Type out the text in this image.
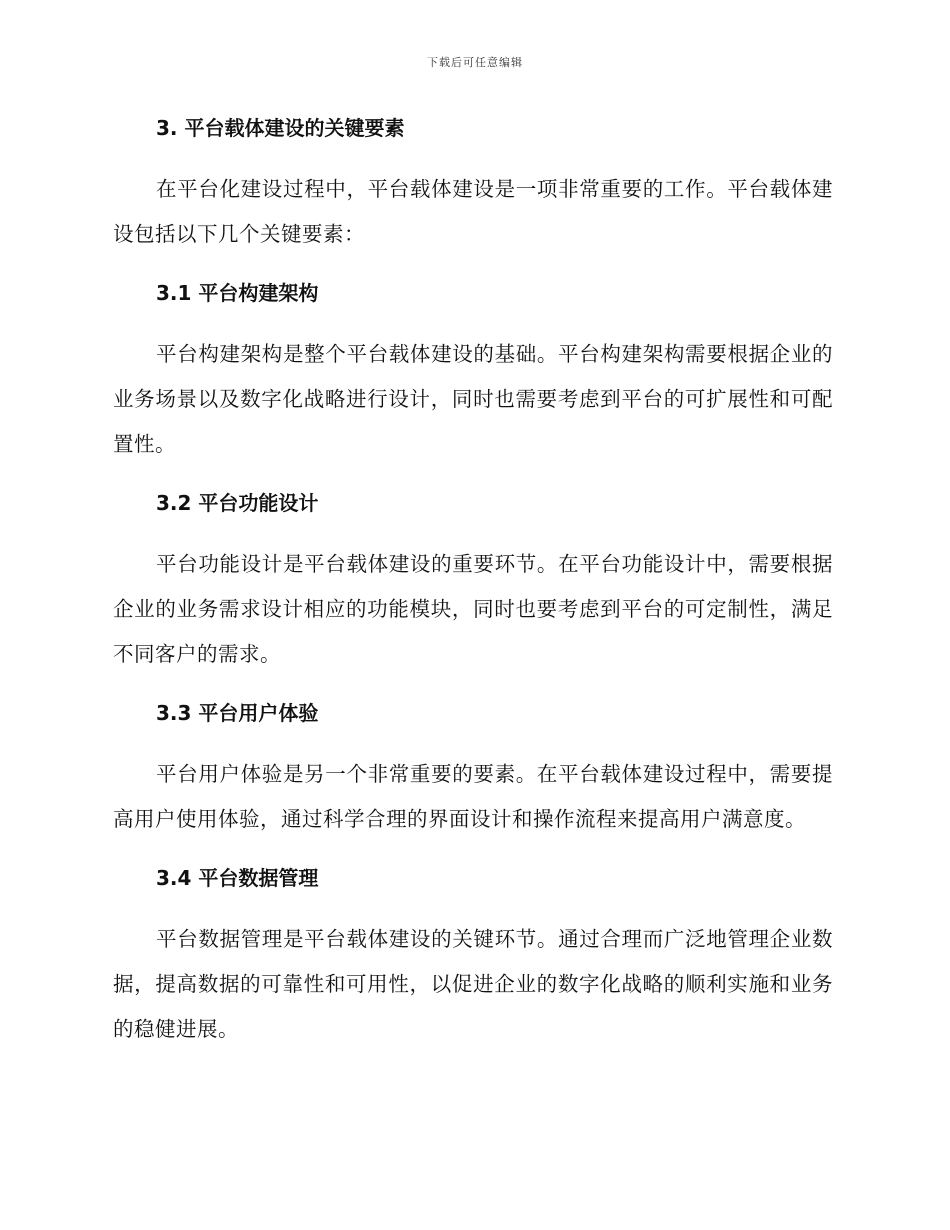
下载后可任意编辑
3. 平台载体建设的关键要素

在平台化建设过程中，平台载体建设是一项非常重要的工作。平台载体建设包括以下几个关键要素：

3.1 平台构建架构

平台构建架构是整个平台载体建设的基础。平台构建架构需要根据企业的业务场景以及数字化战略进行设计，同时也需要考虑到平台的可扩展性和可配置性。

3.2 平台功能设计

平台功能设计是平台载体建设的重要环节。在平台功能设计中，需要根据企业的业务需求设计相应的功能模块，同时也要考虑到平台的可定制性，满足不同客户的需求。

3.3 平台用户体验

平台用户体验是另一个非常重要的要素。在平台载体建设过程中，需要提高用户使用体验，通过科学合理的界面设计和操作流程来提高用户满意度。

3.4 平台数据管理

平台数据管理是平台载体建设的关键环节。通过合理而广泛地管理企业数据，提高数据的可靠性和可用性，以促进企业的数字化战略的顺利实施和业务的稳健进展。
